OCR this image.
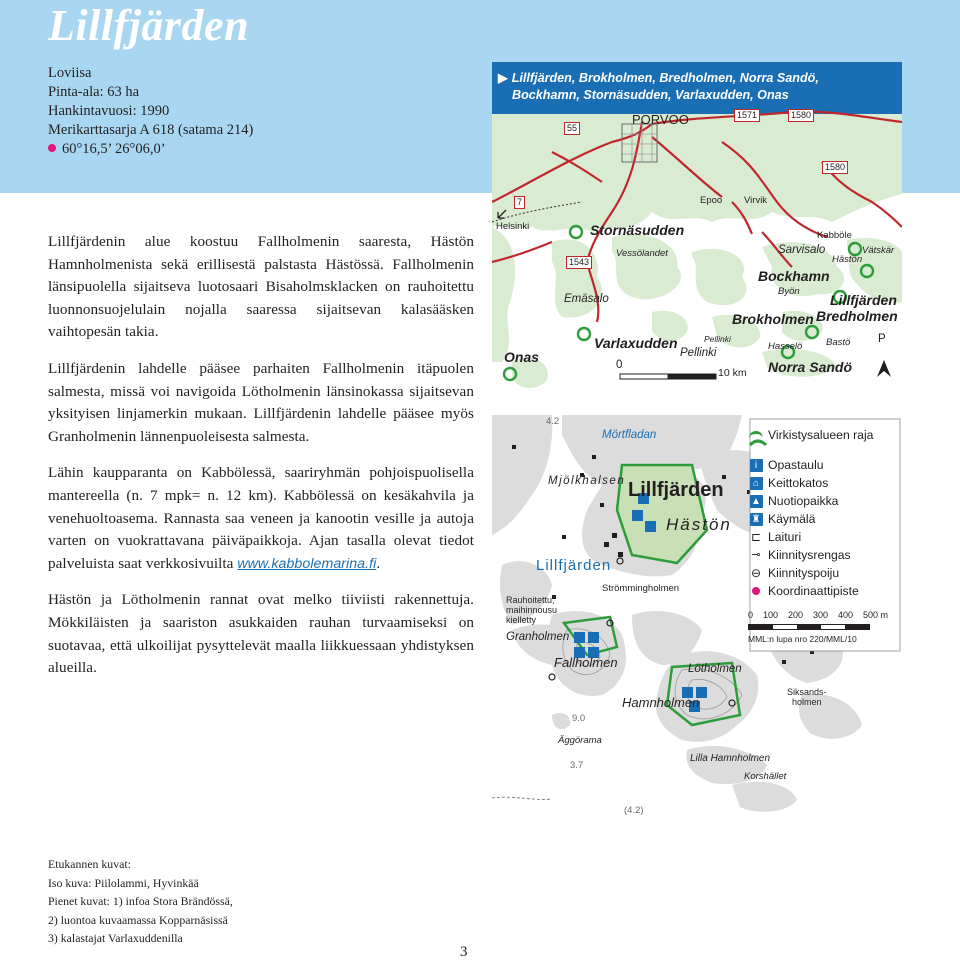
Lillfjärden
Loviisa
Pinta-ala: 63 ha
Hankintavuosi: 1990
Merikarttasarja A 618 (satama 214)
60°16,5’ 26°06,0’

Lillfjärdenin alue koostuu Fallholmenin saaresta, Hästön Hamnholmenista sekä erillisestä palstasta Hästössä. Fallholmenin länsipuolella sijaitseva luotosaari Bisaholmsklacken on rauhoitettu luonnonsuojelulain nojalla saaressa sijaitsevan kalasääsken vaihtopesän takia.

Lillfjärdenin lahdelle pääsee parhaiten Fallholmenin itäpuolen salmesta, missä voi navigoida Lötholmenin länsinokassa sijaitsevan yksityisen linjamerkin mukaan. Lillfjärdenin lahdelle pääsee myös Granholmenin lännenpuoleisesta salmesta.

Lähin kaupparanta on Kabbölessä, saariryhmän pohjoispuolisella mantereella (n. 7 mpk= n. 12 km). Kabbölessä on kesäkahvila ja venehuoltoasema. Rannasta saa veneen ja kanootin vesille ja autoja varten on vuokrattavana päiväpaikkoja. Ajan tasalla olevat tiedot palveluista saat verkkosivuilta www.kabbolemarina.fi.

Hästön ja Lötholmenin rannat ovat melko tiiviisti rakennettuja. Mökkiläisten ja saariston asukkaiden rauhan turvaamiseksi on suotavaa, että ulkoilijat pysyttelevät maalla liikkuessaan yhdistyksen alueilla.

Etukannen kuvat:
Iso kuva: Piilolammi, Hyvinkää
Pienet kuvat: 1) infoa Stora Brändössä,
2) luontoa kuvaamassa Kopparnäsissä
3) kalastajat Varlaxuddenilla
3
▶ Lillfjärden, Brokholmen, Bredholmen, Norra Sandö,
Bockhamn, Stornäsudden, Varlaxudden, Onas
PORVOO
55
1571	1580
1580
7
1543
Helsinki
Epoo Virvik
Kabböle
Sarvisalo	Vätskär
Hästön
Stornäsudden
Vessölandet
Emäsalo
Bockhamn
Byön
Lillfjärden
Brokholmen Bredholmen
Varlaxudden	Pellinki
Pellinki
Hasselö Bastö
Onas
Norra Sandö
P
0
10 km
4.2
Mörtfladan
Mjölkhalsen Lillfjärden
Hästön
Lillfjärden
Strömmingholmen
Rauhoitettu,
maihinnousu
kielletty
Granholmen
Fallholmen	Lötholmen
Siksands-
holmen
Hamnholmen
9.0
Äggörama
3.7
Lilla Hamnholmen
Korshället
(4.2)
Virkistysalueen raja
i Opastaulu
⌂ Keittokatos
▲ Nuotiopaikka
♜ Käymälä
⊏ Laituri
⊸ Kiinnitysrengas
⊖ Kiinnityspoiju
Koordinaattipiste
0 100 200 300 400 500 m
MML:n lupa nro 220/MML/10
